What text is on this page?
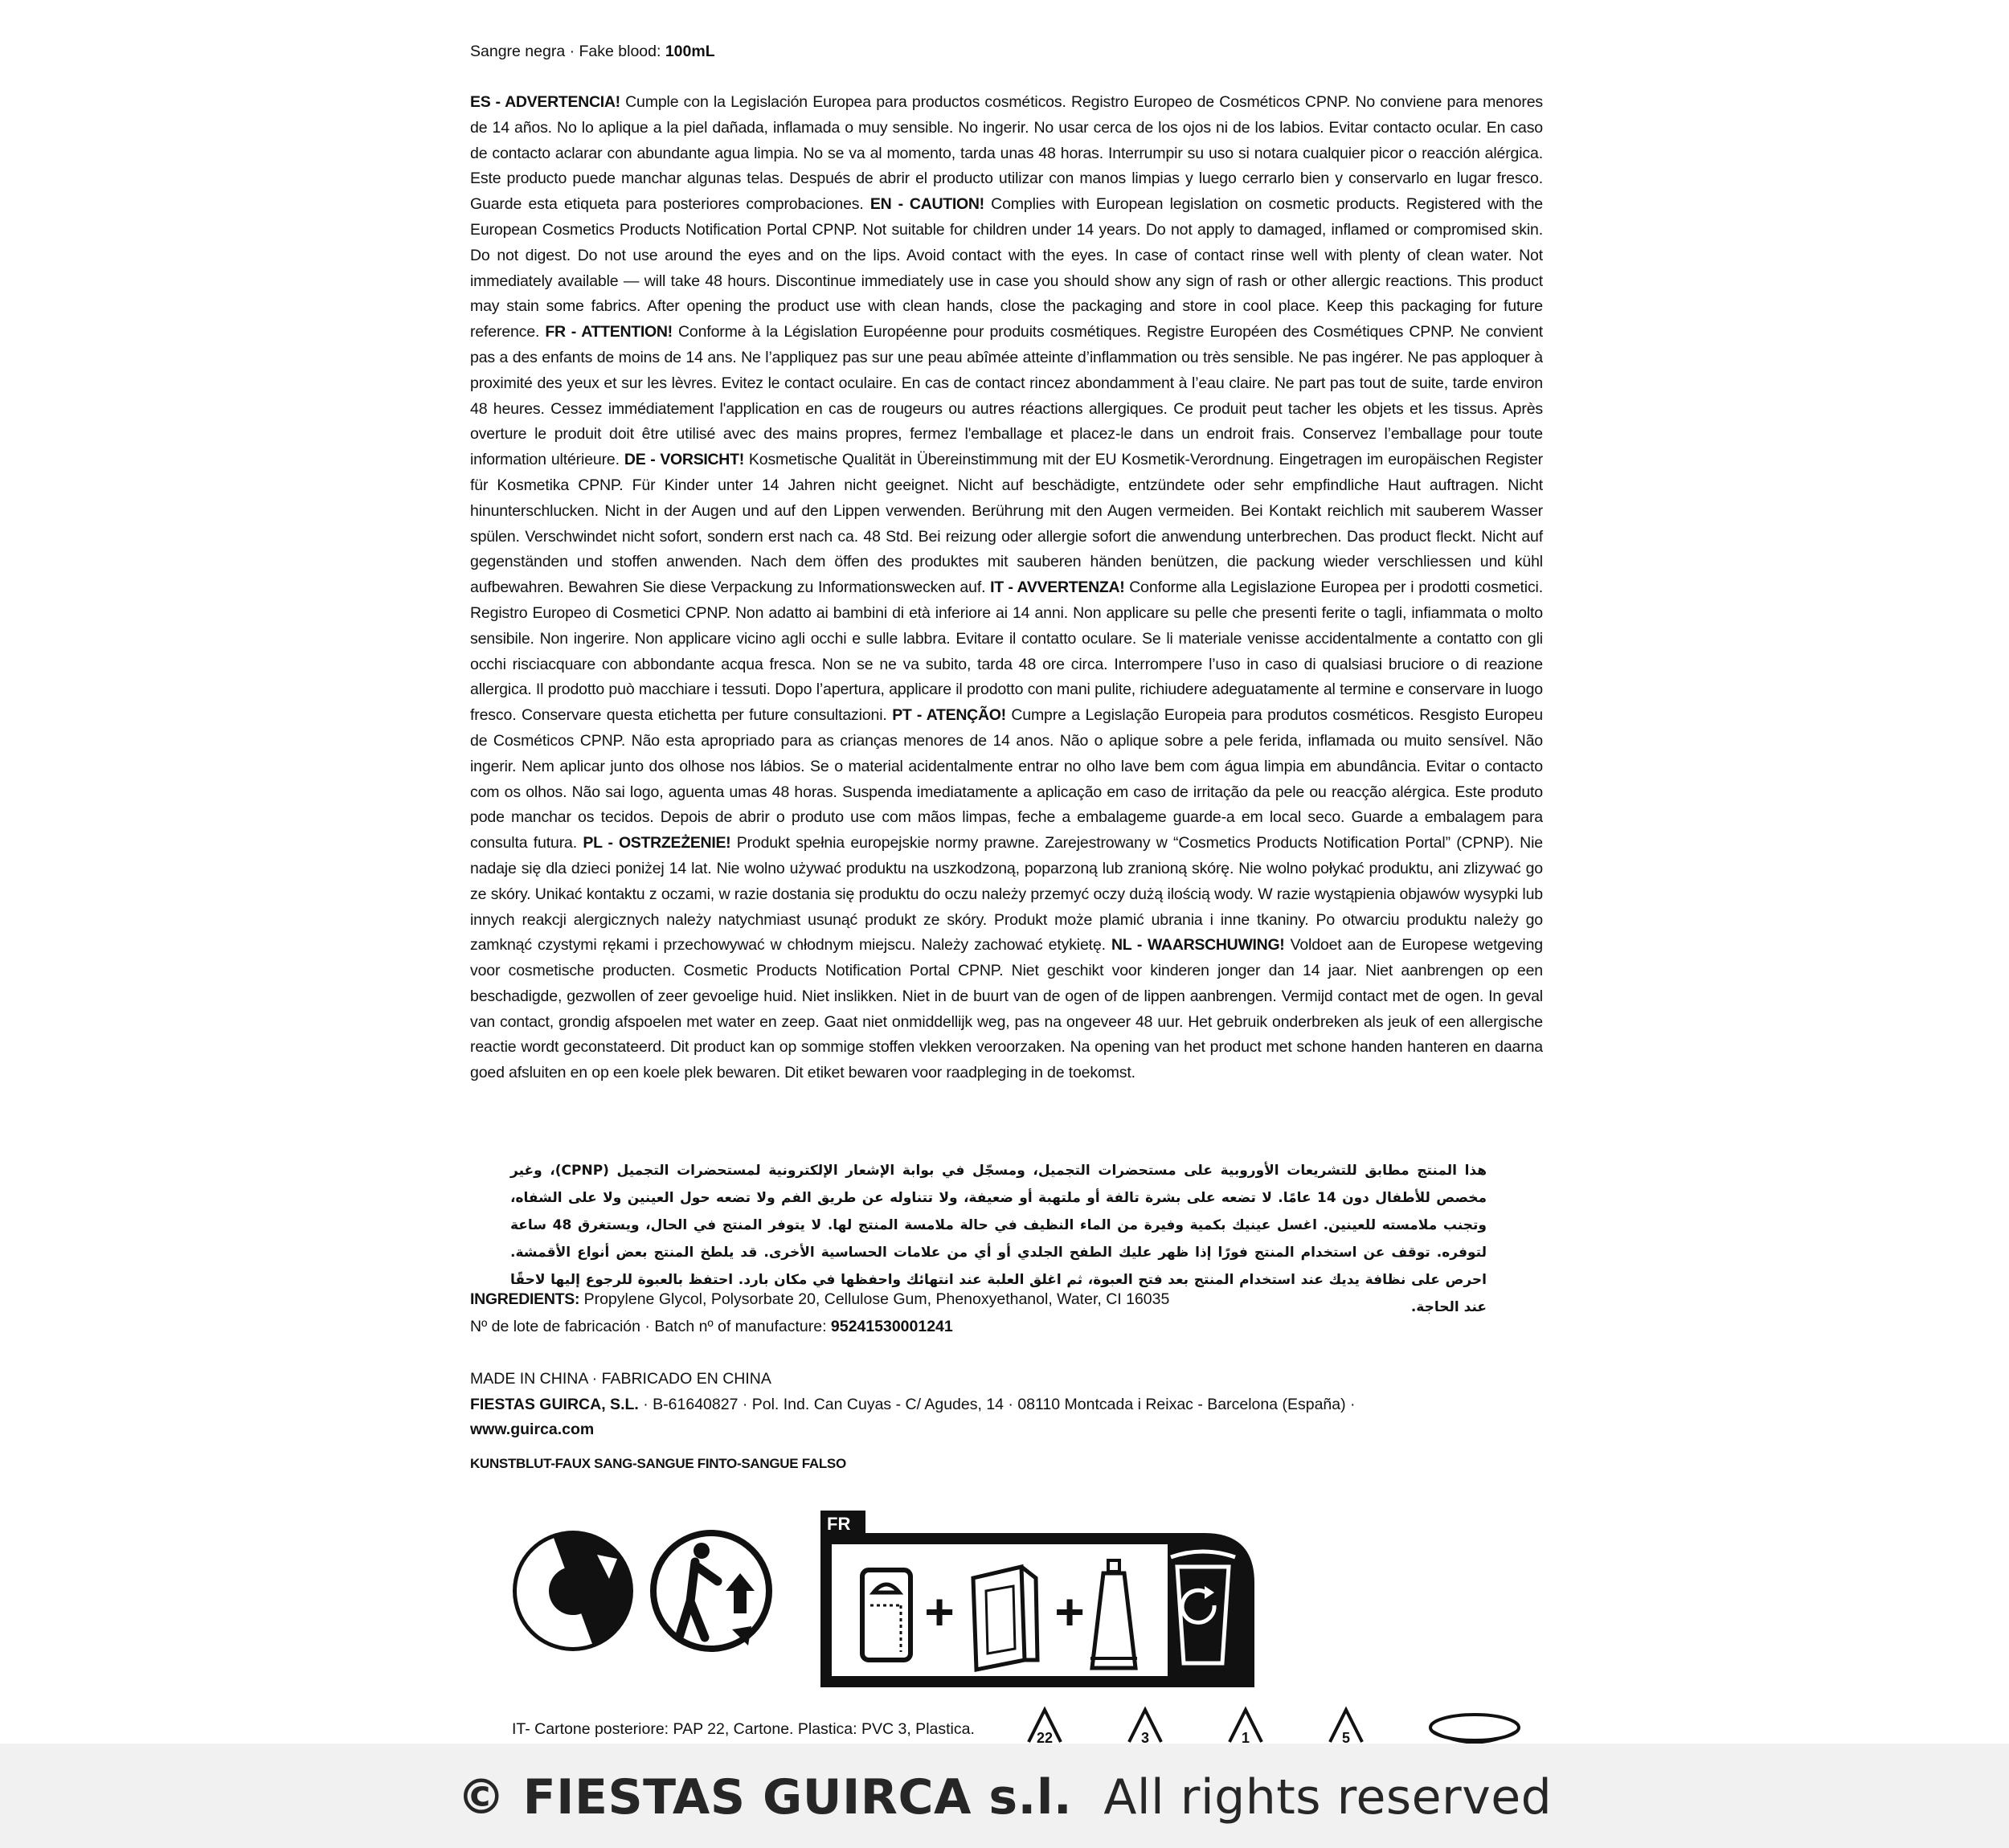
Sangre negra · Fake blood: 100mL
ES - ADVERTENCIA! Cumple con la Legislación Europea para productos cosméticos. Registro Europeo de Cosméticos CPNP. No conviene para menores de 14 años. No lo aplique a la piel dañada, inflamada o muy sensible. No ingerir. No usar cerca de los ojos ni de los labios. Evitar contacto ocular. En caso de contacto aclarar con abundante agua limpia. No se va al momento, tarda unas 48 horas. Interrumpir su uso si notara cualquier picor o reacción alérgica. Este producto puede manchar algunas telas. Después de abrir el producto utilizar con manos limpias y luego cerrarlo bien y conservarlo en lugar fresco. Guarde esta etiqueta para posteriores comprobaciones. EN - CAUTION! Complies with European legislation on cosmetic products. Registered with the European Cosmetics Products Notification Portal CPNP. Not suitable for children under 14 years. Do not apply to damaged, inflamed or compromised skin. Do not digest. Do not use around the eyes and on the lips. Avoid contact with the eyes. In case of contact rinse well with plenty of clean water. Not immediately available — will take 48 hours. Discontinue immediately use in case you should show any sign of rash or other allergic reactions. This product may stain some fabrics. After opening the product use with clean hands, close the packaging and store in cool place. Keep this packaging for future reference. FR - ATTENTION! Conforme à la Législation Européenne pour produits cosmétiques. Registre Européen des Cosmétiques CPNP. Ne convient pas a des enfants de moins de 14 ans. Ne l’appliquez pas sur une peau abîmée atteinte d’inflammation ou très sensible. Ne pas ingérer. Ne pas apploquer à proximité des yeux et sur les lèvres. Evitez le contact oculaire. En cas de contact rincez abondamment à l’eau claire. Ne part pas tout de suite, tarde environ 48 heures. Cessez immédiatement l'application en cas de rougeurs ou autres réactions allergiques. Ce produit peut tacher les objets et les tissus. Après overture le produit doit être utilisé avec des mains propres, fermez l'emballage et placez-le dans un endroit frais. Conservez l’emballage pour toute information ultérieure. DE - VORSICHT! Kosmetische Qualität in Übereinstimmung mit der EU Kosmetik-Verordnung. Eingetragen im europäischen Register für Kosmetika CPNP. Für Kinder unter 14 Jahren nicht geeignet. Nicht auf beschädigte, entzündete oder sehr empfindliche Haut auftragen. Nicht hinunterschlucken. Nicht in der Augen und auf den Lippen verwenden. Berührung mit den Augen vermeiden. Bei Kontakt reichlich mit sauberem Wasser spülen. Verschwindet nicht sofort, sondern erst nach ca. 48 Std. Bei reizung oder allergie sofort die anwendung unterbrechen. Das product fleckt. Nicht auf gegenständen und stoffen anwenden. Nach dem öffen des produktes mit sauberen händen benützen, die packung wieder verschliessen und kühl aufbewahren. Bewahren Sie diese Verpackung zu Informationswecken auf. IT - AVVERTENZA! Conforme alla Legislazione Europea per i prodotti cosmetici. Registro Europeo di Cosmetici CPNP. Non adatto ai bambini di età inferiore ai 14 anni. Non applicare su pelle che presenti ferite o tagli, infiammata o molto sensibile. Non ingerire. Non applicare vicino agli occhi e sulle labbra. Evitare il contatto oculare. Se li materiale venisse accidentalmente a contatto con gli occhi risciacquare con abbondante acqua fresca. Non se ne va subito, tarda 48 ore circa. Interrompere l’uso in caso di qualsiasi bruciore o di reazione allergica. Il prodotto può macchiare i tessuti. Dopo l’apertura, applicare il prodotto con mani pulite, richiudere adeguatamente al termine e conservare in luogo fresco. Conservare questa etichetta per future consultazioni. PT - ATENÇÃO! Cumpre a Legislação Europeia para produtos cosméticos. Resgisto Europeu de Cosméticos CPNP. Não esta apropriado para as crianças menores de 14 anos. Não o aplique sobre a pele ferida, inflamada ou muito sensível. Não ingerir. Nem aplicar junto dos olhose nos lábios. Se o material acidentalmente entrar no olho lave bem com água limpia em abundância. Evitar o contacto com os olhos. Não sai logo, aguenta umas 48 horas. Suspenda imediatamente a aplicação em caso de irritação da pele ou reacção alérgica. Este produto pode manchar os tecidos. Depois de abrir o produto use com mãos limpas, feche a embalageme guarde-a em local seco. Guarde a embalagem para consulta futura. PL - OSTRZEŻENIE! Produkt spełnia europejskie normy prawne. Zarejestrowany w “Cosmetics Products Notification Portal” (CPNP). Nie nadaje się dla dzieci poniżej 14 lat. Nie wolno używać produktu na uszkodzoną, poparzoną lub zranioną skórę. Nie wolno połykać produktu, ani zlizywać go ze skóry. Unikać kontaktu z oczami, w razie dostania się produktu do oczu należy przemyć oczy dużą ilością wody. W razie wystąpienia objawów wysypki lub innych reakcji alergicznych należy natychmiast usunąć produkt ze skóry. Produkt może plamić ubrania i inne tkaniny. Po otwarciu produktu należy go zamknąć czystymi rękami i przechowywać w chłodnym miejscu. Należy zachować etykietę. NL - WAARSCHUWING! Voldoet aan de Europese wetgeving voor cosmetische producten. Cosmetic Products Notification Portal CPNP. Niet geschikt voor kinderen jonger dan 14 jaar. Niet aanbrengen op een beschadigde, gezwollen of zeer gevoelige huid. Niet inslikken. Niet in de buurt van de ogen of de lippen aanbrengen. Vermijd contact met de ogen. In geval van contact, grondig afspoelen met water en zeep. Gaat niet onmiddellijk weg, pas na ongeveer 48 uur. Het gebruik onderbreken als jeuk of een allergische reactie wordt geconstateerd. Dit product kan op sommige stoffen vlekken veroorzaken. Na opening van het product met schone handen hanteren en daarna goed afsluiten en op een koele plek bewaren. Dit etiket bewaren voor raadpleging in de toekomst.
هذا المنتج مطابق للتشريعات الأوروبية على مستحضرات التجميل، ومسجّل في بوابة الإشعار الإلكترونية لمستحضرات التجميل (CPNP)، وغير مخصص للأطفال دون 14 عامًا. لا تضعه على بشرة تالفة أو ملتهبة أو ضعيفة، ولا تتناوله عن طريق الفم ولا تضعه حول العينين ولا على الشفاه، وتجنب ملامسته للعينين. اغسل عينيك بكمية وفيرة من الماء النظيف في حالة ملامسة المنتج لها. لا يتوفر المنتج في الحال، ويستغرق 48 ساعة لتوفره. توقف عن استخدام المنتج فورًا إذا ظهر عليك الطفح الجلدي أو أي من علامات الحساسية الأخرى. قد يلطخ المنتج بعض أنواع الأقمشة. احرص على نظافة يديك عند استخدام المنتج بعد فتح العبوة، ثم اغلق العلبة عند انتهائك واحفظها في مكان بارد. احتفظ بالعبوة للرجوع إليها لاحقًا عند الحاجة.
INGREDIENTS: Propylene Glycol, Polysorbate 20, Cellulose Gum, Phenoxyethanol, Water, CI 16035
Nº de lote de fabricación · Batch nº of manufacture: 95241530001241
MADE IN CHINA · FABRICADO EN CHINA
FIESTAS GUIRCA, S.L. · B-61640827 · Pol. Ind. Can Cuyas - C/ Agudes, 14 · 08110 Montcada i Reixac - Barcelona (España) ·
www.guirca.com
KUNSTBLUT-FAUX SANG-SANGUE FINTO-SANGUE FALSO
FR
+ +
IT- Cartone posteriore: PAP 22, Cartone. Plastica: PVC 3, Plastica.	22	3	1	5
© FIESTAS GUIRCA s.l. All rights reserved
